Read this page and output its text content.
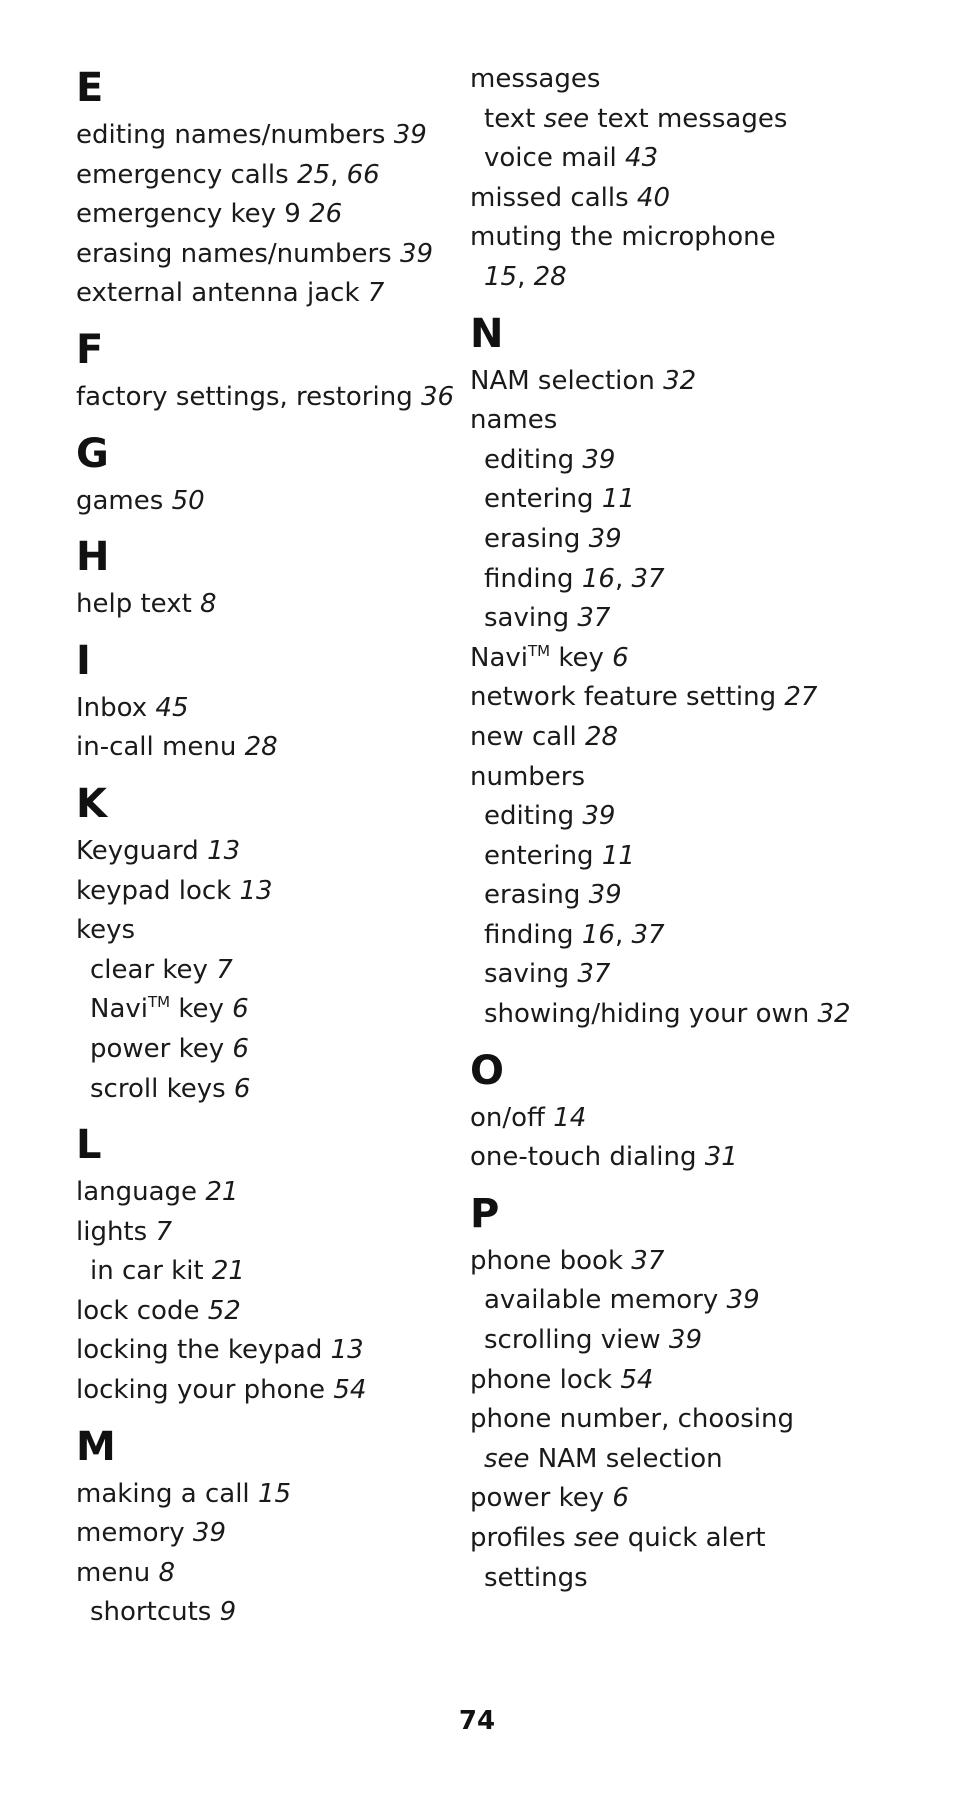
E
editing names/numbers 39
emergency calls 25, 66
emergency key 9 26
erasing names/numbers 39
external antenna jack 7
F
factory settings, restoring 36
G
games 50
H
help text 8
I
Inbox 45
in-call menu 28
K
Keyguard 13
keypad lock 13
keys
clear key 7
Navi™ key 6
power key 6
scroll keys 6
L
language 21
lights 7
in car kit 21
lock code 52
locking the keypad 13
locking your phone 54
M
making a call 15
memory 39
menu 8
shortcuts 9
messages
text see text messages
voice mail 43
missed calls 40
muting the microphone
15, 28
N
NAM selection 32
names
editing 39
entering 11
erasing 39
finding 16, 37
saving 37
Navi™ key 6
network feature setting 27
new call 28
numbers
editing 39
entering 11
erasing 39
finding 16, 37
saving 37
showing/hiding your own 32
O
on/off 14
one-touch dialing 31
P
phone book 37
available memory 39
scrolling view 39
phone lock 54
phone number, choosing
see NAM selection
power key 6
profiles see quick alert
settings
74
